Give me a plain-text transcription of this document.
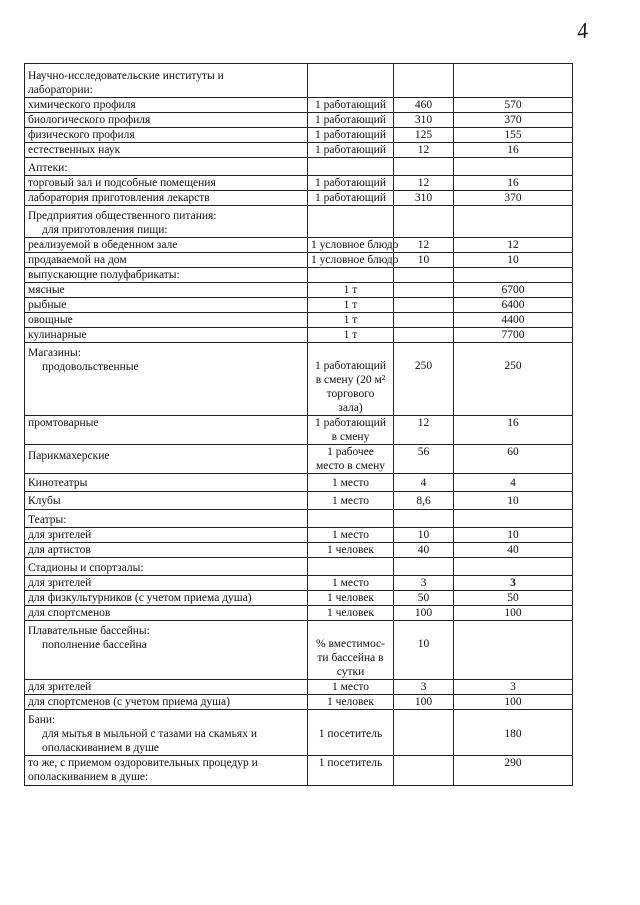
4
Научно-исследовательские институты и
лаборатории:			

химического профиля	1 работающий	460	570
биологического профиля	1 работающий	310	370
физического профиля	1 работающий	125	155
естественных наук	1 работающий	12	16
Аптеки:			
торговый зал и подсобные помещения	1 работающий	12	16
лаборатория приготовления лекарств	1 работающий	310	370

Предприятия общественного питания:
для приготовления пищи:			

реализуемой в обеденном зале	1 условное блюдо	12	12
продаваемой на дом	1 условное блюдо	10	10
выпускающие полуфабрикаты:			
мясные	1 т		6700
рыбные	1 т		6400
овощные	1 т		4400
кулинарные	1 т		7700

Магазины:
продовольственные	1 работающий
в смену (20 м²
торгового
зала)	250	250
промтоварные	1 работающий
в смену	12	16
Парикмахерские	1 рабочее
место в смену	56	60
Кинотеатры	1 место	4	4
Клубы	1 место	8,6	10
Театры:			
для зрителей	1 место	10	10
для артистов	1 человек	40	40
Стадионы и спортзалы:			
для зрителей	1 место	3	3
для физкультурников (с учетом приема душа)	1 человек	50	50
для спортсменов	1 человек	100	100

Плавательные бассейны:
пополнение бассейна	% вместимос-
ти бассейна в
сутки	10	
для зрителей	1 место	3	3
для спортсменов (с учетом приема душа)	1 человек	100	100

Бани:
для мытья в мыльной с тазами на скамьях и
ополаскиванием в душе	1 посетитель		180

то же, с приемом оздоровительных процедур и
ополаскиванием в душе:	1 посетитель		290
